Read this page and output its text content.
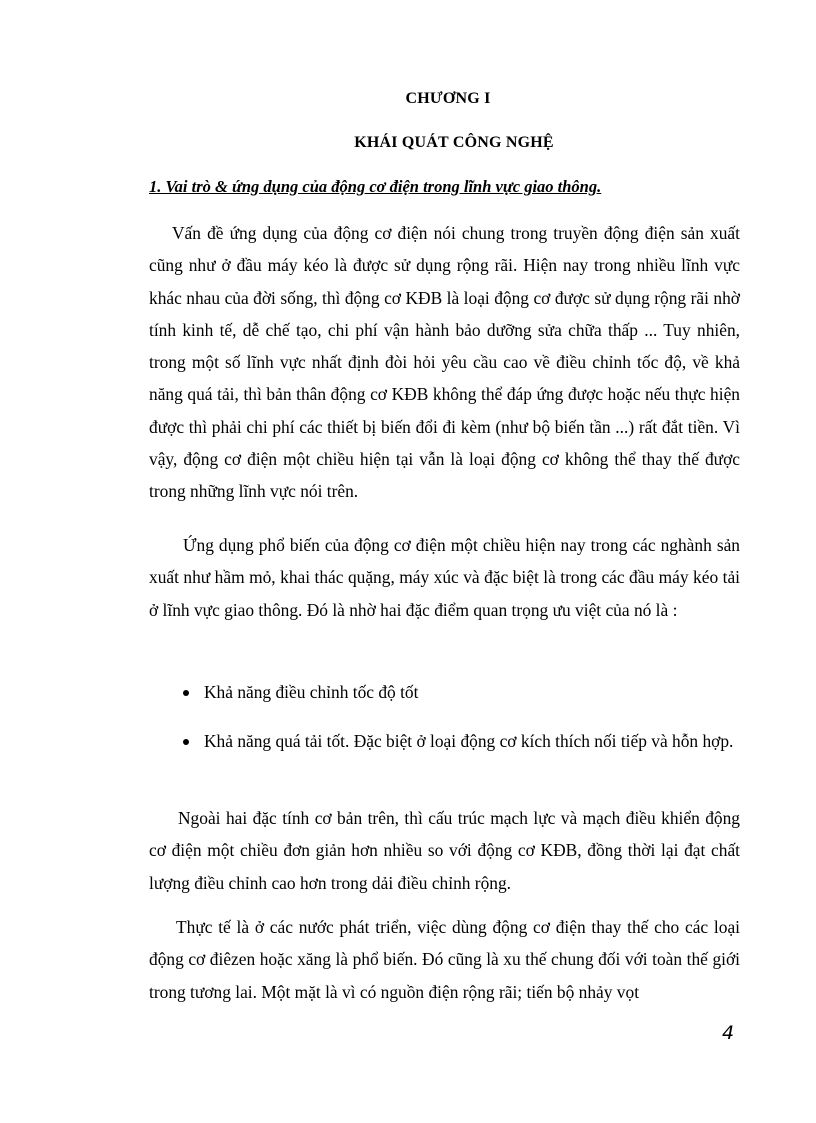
CHƯƠNG I
KHÁI QUÁT CÔNG NGHỆ
1. Vai trò & ứng dụng của động cơ điện trong lĩnh vực giao thông.

Vấn đề ứng dụng của động cơ điện nói chung trong truyền động điện sản xuất cũng như ở đầu máy kéo là được sử dụng rộng rãi. Hiện nay trong nhiều lĩnh vực khác nhau của đời sống, thì động cơ KĐB là loại động cơ được sử dụng rộng rãi nhờ tính kinh tế, dễ chế tạo, chi phí vận hành bảo dưỡng sửa chữa thấp ... Tuy nhiên, trong một số lĩnh vực nhất định đòi hỏi yêu cầu cao về điều chỉnh tốc độ, về khả năng quá tải, thì bản thân động cơ KĐB không thể đáp ứng được hoặc nếu thực hiện được thì phải chi phí các thiết bị biến đổi đi kèm (như bộ biến tần ...) rất đắt tiền. Vì vậy, động cơ điện một chiều hiện tại vẫn là loại động cơ không thể thay thế được trong những lĩnh vực nói trên.

Ứng dụng phổ biến của động cơ điện một chiều hiện nay trong các nghành sản xuất như hầm mỏ, khai thác quặng, máy xúc và đặc biệt là trong các đầu máy kéo tải ở lĩnh vực giao thông. Đó là nhờ hai đặc điểm quan trọng ưu việt của nó là :

Khả năng điều chỉnh tốc độ tốt
Khả năng quá tải tốt. Đặc biệt ở loại động cơ kích thích nối tiếp và hỗn hợp.

Ngoài hai đặc tính cơ bản trên, thì cấu trúc mạch lực và mạch điều khiển động cơ điện một chiều đơn giản hơn nhiều so với động cơ KĐB, đồng thời lại đạt chất lượng điều chỉnh cao hơn trong dải điều chỉnh rộng.

Thực tế là ở các nước phát triển, việc dùng động cơ điện thay thế cho các loại động cơ điêzen hoặc xăng là phổ biến. Đó cũng là xu thế chung đối với toàn thế giới trong tương lai. Một mặt là vì có nguồn điện rộng rãi; tiến bộ nhảy vọt

4
